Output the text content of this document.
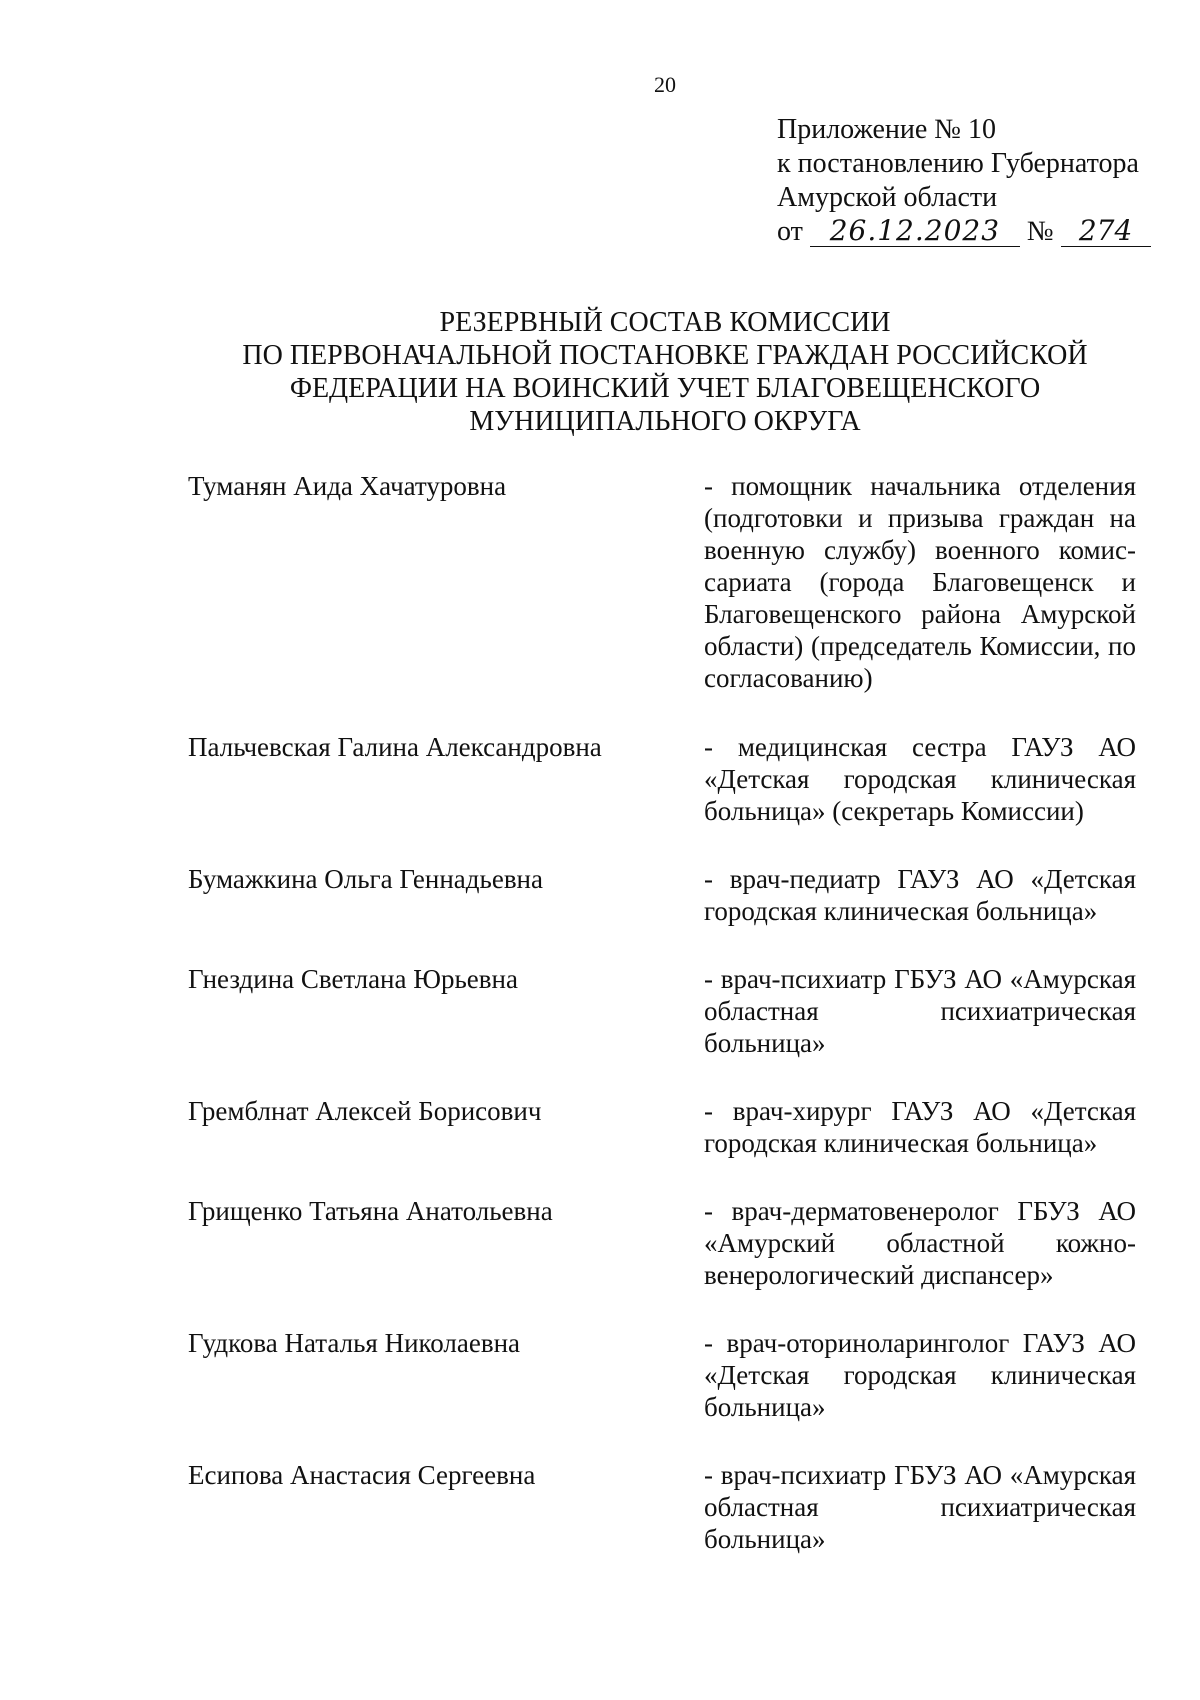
20
Приложение № 10
к постановлению Губернатора
Амурской области
от 26.12.2023 № 274
РЕЗЕРВНЫЙ СОСТАВ КОМИССИИ
ПО ПЕРВОНАЧАЛЬНОЙ ПОСТАНОВКЕ ГРАЖДАН РОССИЙСКОЙ
ФЕДЕРАЦИИ НА ВОИНСКИЙ УЧЕТ БЛАГОВЕЩЕНСКОГО
МУНИЦИПАЛЬНОГО ОКРУГА
Туманян Аида Хачатуровна	- помощник начальника отделения (подготовки и призыва граждан на военную службу) военного комиссариата (города Благовещенск и Благовещенского района Амурской области) (председатель Комиссии, по согласованию)
Пальчевская Галина Александровна	- медицинская сестра ГАУЗ АО «Детская городская клиническая больница» (секретарь Комиссии)
Бумажкина Ольга Геннадьевна	- врач-педиатр ГАУЗ АО «Детская городская клиническая больница»
Гнездина Светлана Юрьевна	- врач-психиатр ГБУЗ АО «Амурская областная психиатрическая больница»
Гремблнат Алексей Борисович	- врач-хирург ГАУЗ АО «Детская городская клиническая больница»
Грищенко Татьяна Анатольевна	- врач-дерматовенеролог ГБУЗ АО «Амурский областной кожно-венерологический диспансер»
Гудкова Наталья Николаевна	- врач-оториноларинголог ГАУЗ АО «Детская городская клиническая больница»
Есипова Анастасия Сергеевна	- врач-психиатр ГБУЗ АО «Амурская областная психиатрическая больница»
